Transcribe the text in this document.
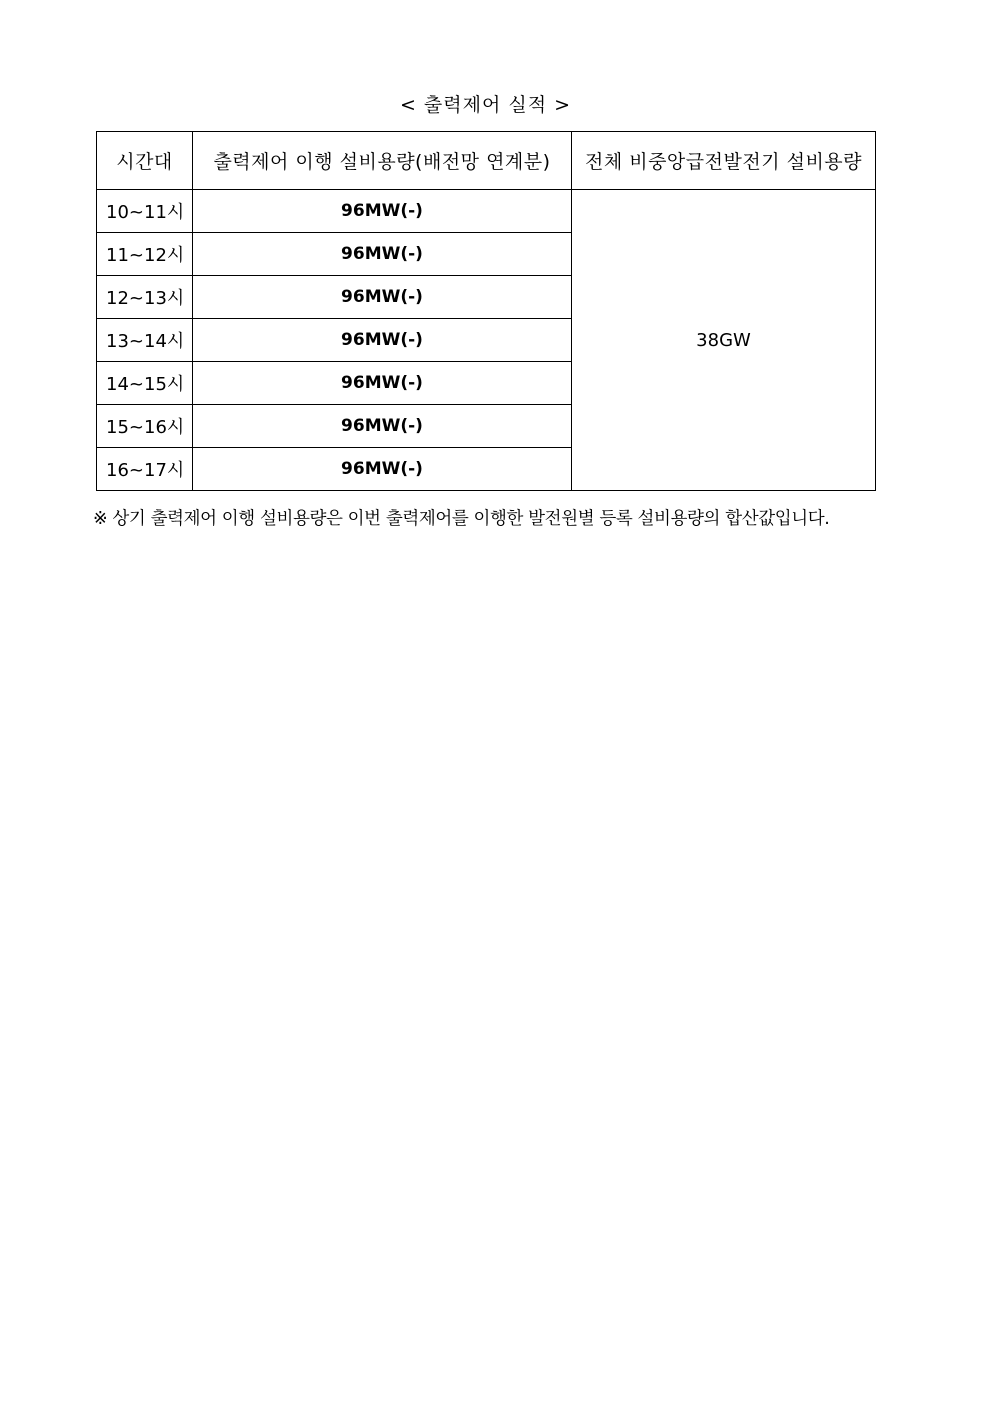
< 출력제어 실적 >
시간대	출력제어 이행 설비용량(배전망 연계분)	전체 비중앙급전발전기 설비용량
10~11시	96MW(-)	38GW
11~12시	96MW(-)	
12~13시	96MW(-)	
13~14시	96MW(-)	
14~15시	96MW(-)	
15~16시	96MW(-)	
16~17시	96MW(-)	
※ 상기 출력제어 이행 설비용량은 이번 출력제어를 이행한 발전원별 등록 설비용량의 합산값입니다.
